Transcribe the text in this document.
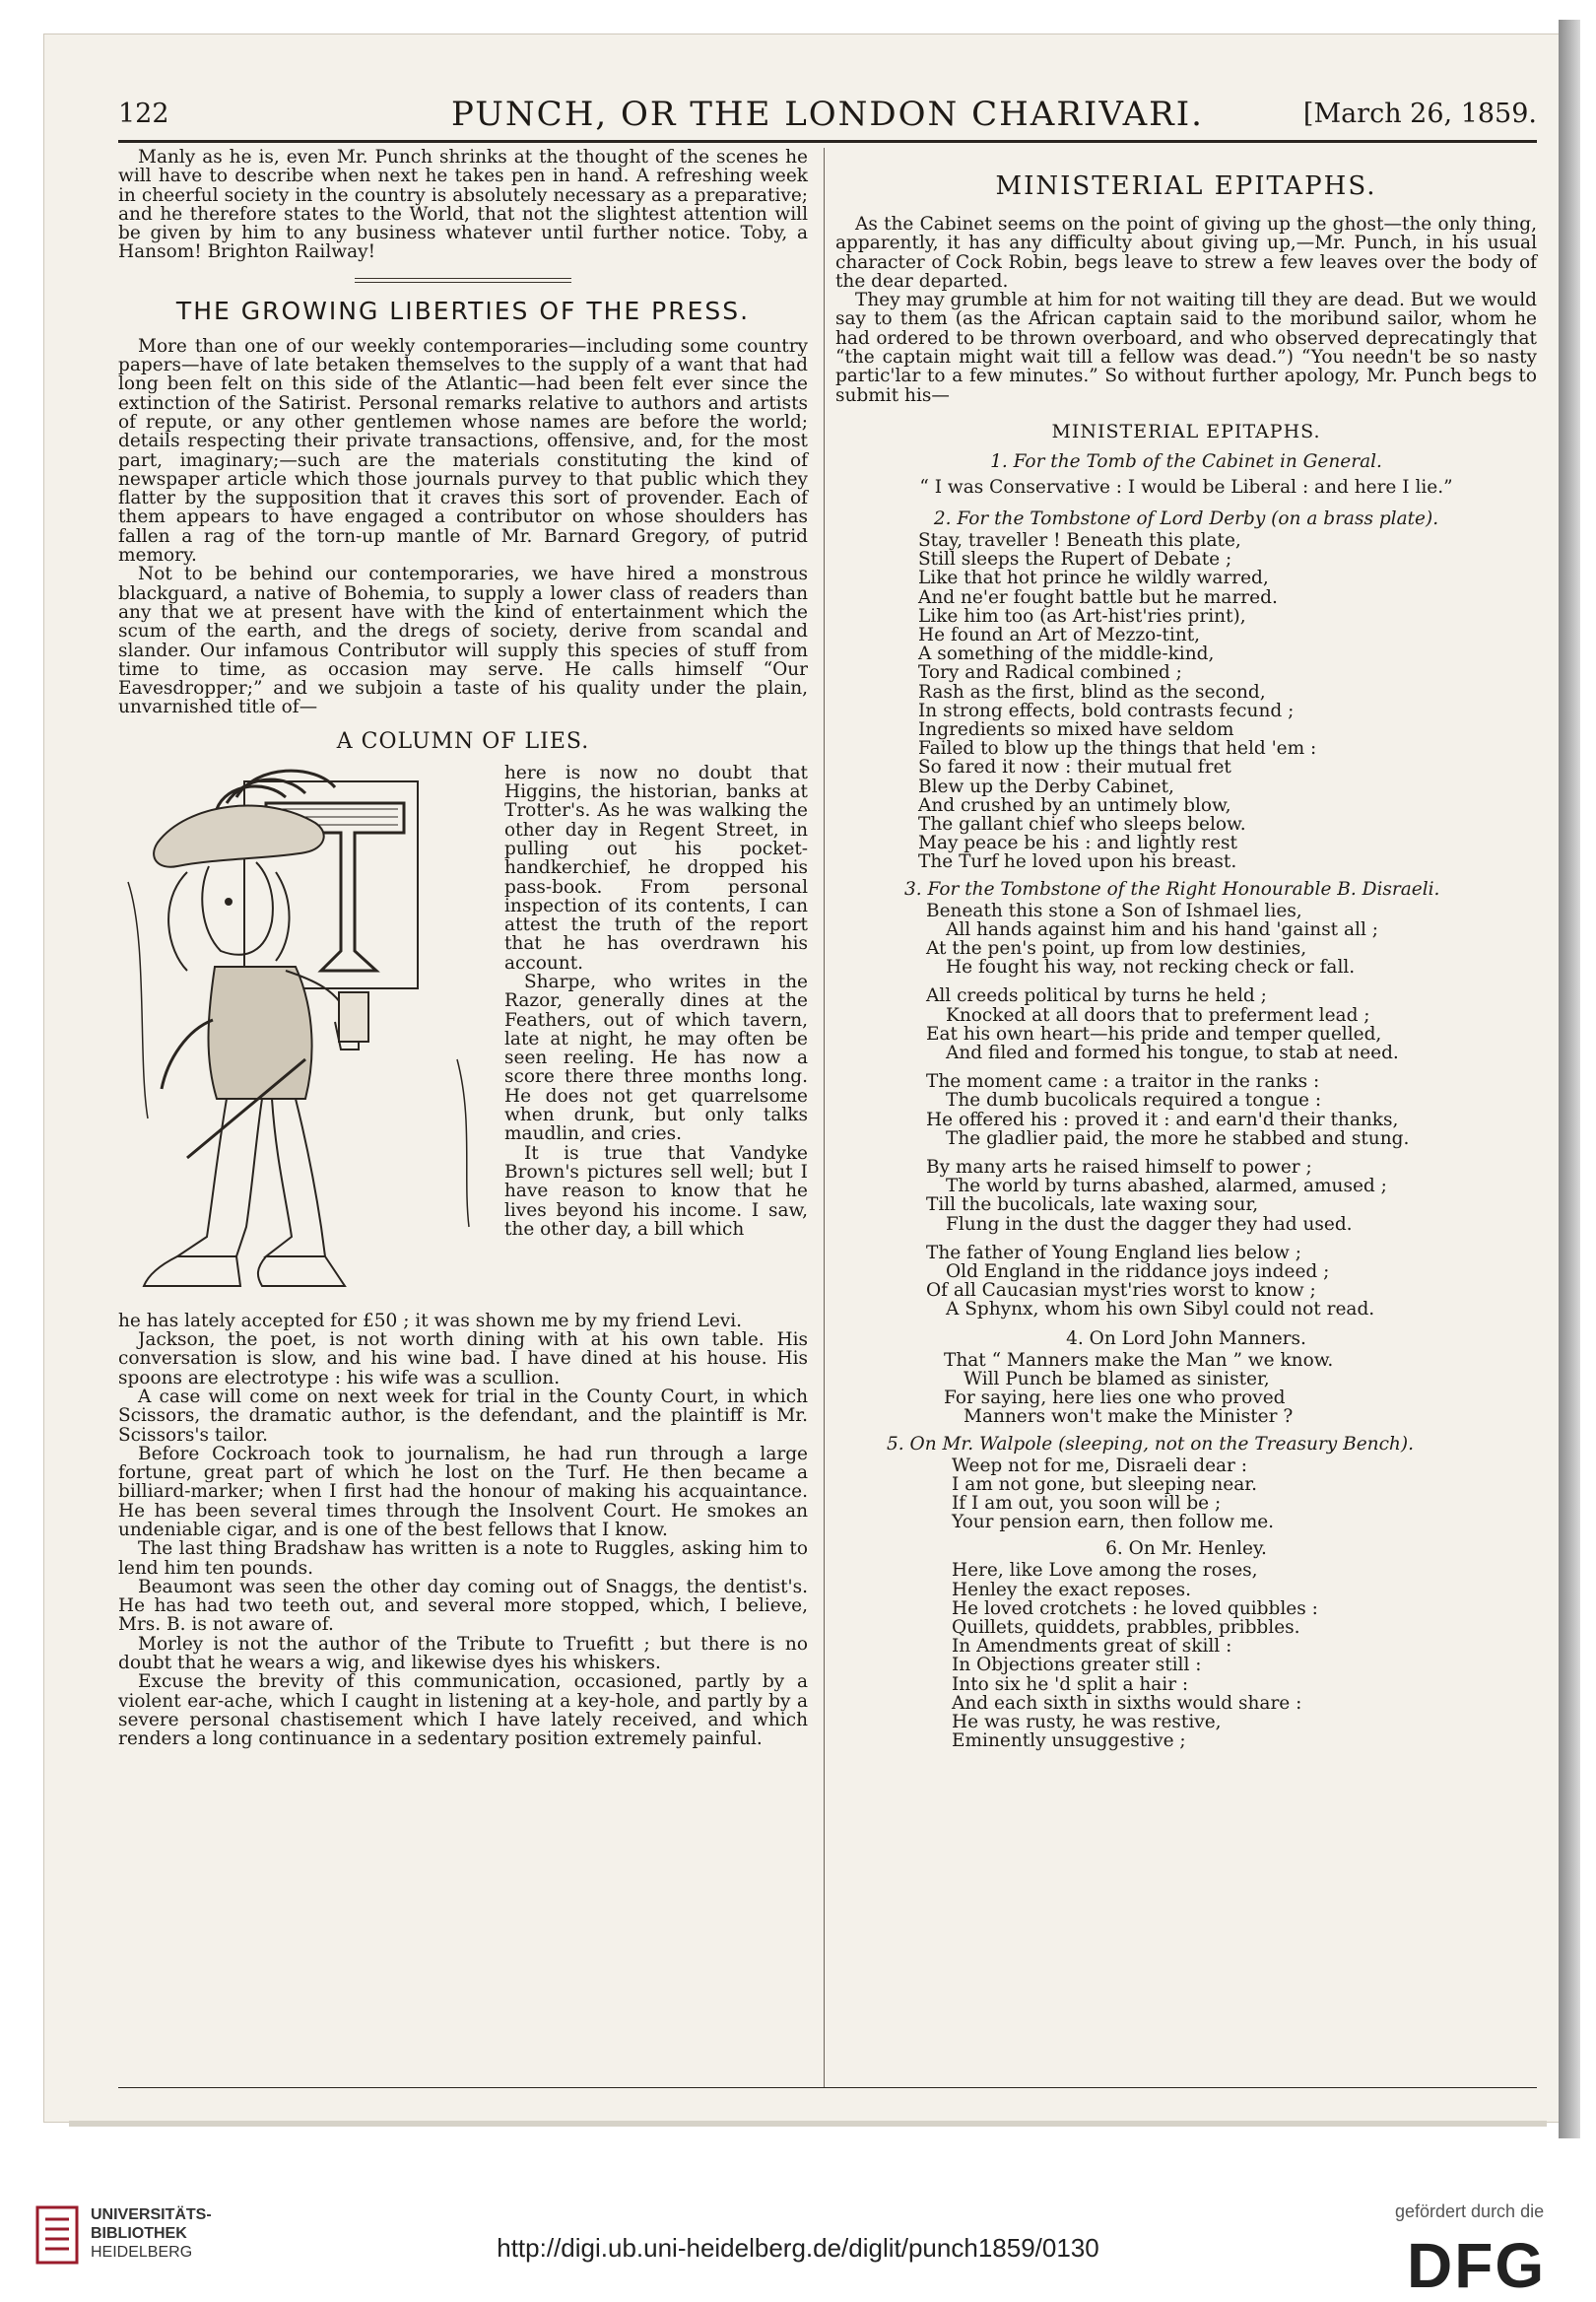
122	PUNCH, OR THE LONDON CHARIVARI.	[March 26, 1859.

Manly as he is, even Mr. Punch shrinks at the thought of the scenes he will have to describe when next he takes pen in hand. A refreshing week in cheerful society in the country is absolutely necessary as a preparative; and he therefore states to the World, that not the slightest attention will be given by him to any business whatever until further notice. Toby, a Hansom! Brighton Railway!

THE GROWING LIBERTIES OF THE PRESS.

More than one of our weekly contemporaries—including some country papers—have of late betaken themselves to the supply of a want that had long been felt on this side of the Atlantic—had been felt ever since the extinction of the Satirist. Personal remarks relative to authors and artists of repute, or any other gentlemen whose names are before the world; details respecting their private transactions, offensive, and, for the most part, imaginary;—such are the materials constituting the kind of newspaper article which those journals purvey to that public which they flatter by the supposition that it craves this sort of provender. Each of them appears to have engaged a contributor on whose shoulders has fallen a rag of the torn-up mantle of Mr. Barnard Gregory, of putrid memory.

Not to be behind our contemporaries, we have hired a monstrous blackguard, a native of Bohemia, to supply a lower class of readers than any that we at present have with the kind of entertainment which the scum of the earth, and the dregs of society, derive from scandal and slander. Our infamous Contributor will supply this species of stuff from time to time, as occasion may serve. He calls himself “Our Eavesdropper;” and we subjoin a taste of his quality under the plain, unvarnished title of—

A COLUMN OF LIES.

here is now no doubt that Higgins, the historian, banks at Trotter's. As he was walking the other day in Regent Street, in pulling out his pocket-handkerchief, he dropped his pass-book. From personal inspection of its contents, I can attest the truth of the report that he has overdrawn his account.

Sharpe, who writes in the Razor, generally dines at the Feathers, out of which tavern, late at night, he may often be seen reeling. He has now a score there three months long. He does not get quarrelsome when drunk, but only talks maudlin, and cries.

It is true that Vandyke Brown's pictures sell well; but I have reason to know that he lives beyond his income. I saw, the other day, a bill which

he has lately accepted for £50 ; it was shown me by my friend Levi.

Jackson, the poet, is not worth dining with at his own table. His conversation is slow, and his wine bad. I have dined at his house. His spoons are electrotype : his wife was a scullion.

A case will come on next week for trial in the County Court, in which Scissors, the dramatic author, is the defendant, and the plaintiff is Mr. Scissors's tailor.

Before Cockroach took to journalism, he had run through a large fortune, great part of which he lost on the Turf. He then became a billiard-marker; when I first had the honour of making his acquaintance. He has been several times through the Insolvent Court. He smokes an undeniable cigar, and is one of the best fellows that I know.

The last thing Bradshaw has written is a note to Ruggles, asking him to lend him ten pounds.

Beaumont was seen the other day coming out of Snaggs, the dentist's. He has had two teeth out, and several more stopped, which, I believe, Mrs. B. is not aware of.

Morley is not the author of the Tribute to Truefitt ; but there is no doubt that he wears a wig, and likewise dyes his whiskers.

Excuse the brevity of this communication, occasioned, partly by a violent ear-ache, which I caught in listening at a key-hole, and partly by a severe personal chastisement which I have lately received, and which renders a long continuance in a sedentary position extremely painful.

MINISTERIAL EPITAPHS.

As the Cabinet seems on the point of giving up the ghost—the only thing, apparently, it has any difficulty about giving up,—Mr. Punch, in his usual character of Cock Robin, begs leave to strew a few leaves over the body of the dear departed.

They may grumble at him for not waiting till they are dead. But we would say to them (as the African captain said to the moribund sailor, whom he had ordered to be thrown overboard, and who observed deprecatingly that “the captain might wait till a fellow was dead.”) “You needn't be so nasty partic'lar to a few minutes.” So without further apology, Mr. Punch begs to submit his—

MINISTERIAL EPITAPHS.
1. For the Tomb of the Cabinet in General.
“ I was Conservative : I would be Liberal : and here I lie.”
2. For the Tombstone of Lord Derby (on a brass plate).
Stay, traveller ! Beneath this plate,
Still sleeps the Rupert of Debate ;
Like that hot prince he wildly warred,
And ne'er fought battle but he marred.
Like him too (as Art-hist'ries print),
He found an Art of Mezzo-tint,
A something of the middle-kind,
Tory and Radical combined ;
Rash as the first, blind as the second,
In strong effects, bold contrasts fecund ;
Ingredients so mixed have seldom
Failed to blow up the things that held 'em :
So fared it now : their mutual fret
Blew up the Derby Cabinet,
And crushed by an untimely blow,
The gallant chief who sleeps below.
May peace be his : and lightly rest
The Turf he loved upon his breast.
3. For the Tombstone of the Right Honourable B. Disraeli.
Beneath this stone a Son of Ishmael lies,
All hands against him and his hand 'gainst all ;
At the pen's point, up from low destinies,
He fought his way, not recking check or fall.
All creeds political by turns he held ;
Knocked at all doors that to preferment lead ;
Eat his own heart—his pride and temper quelled,
And filed and formed his tongue, to stab at need.
The moment came : a traitor in the ranks :
The dumb bucolicals required a tongue :
He offered his : proved it : and earn'd their thanks,
The gladlier paid, the more he stabbed and stung.
By many arts he raised himself to power ;
The world by turns abashed, alarmed, amused ;
Till the bucolicals, late waxing sour,
Flung in the dust the dagger they had used.
The father of Young England lies below ;
Old England in the riddance joys indeed ;
Of all Caucasian myst'ries worst to know ;
A Sphynx, whom his own Sibyl could not read.
4. On Lord John Manners.
That “ Manners make the Man ” we know.
Will Punch be blamed as sinister,
For saying, here lies one who proved
Manners won't make the Minister ?
5. On Mr. Walpole (sleeping, not on the Treasury Bench).
Weep not for me, Disraeli dear :
I am not gone, but sleeping near.
If I am out, you soon will be ;
Your pension earn, then follow me.
6. On Mr. Henley.
Here, like Love among the roses,
Henley the exact reposes.
He loved crotchets : he loved quibbles :
Quillets, quiddets, prabbles, pribbles.
In Amendments great of skill :
In Objections greater still :
Into six he 'd split a hair :
And each sixth in sixths would share :
He was rusty, he was restive,
Eminently unsuggestive ;
UNIVERSITÄTS-
BIBLIOTHEK
HEIDELBERG	http://digi.ub.uni-heidelberg.de/diglit/punch1859/0130
gefördert durch die
DFG
